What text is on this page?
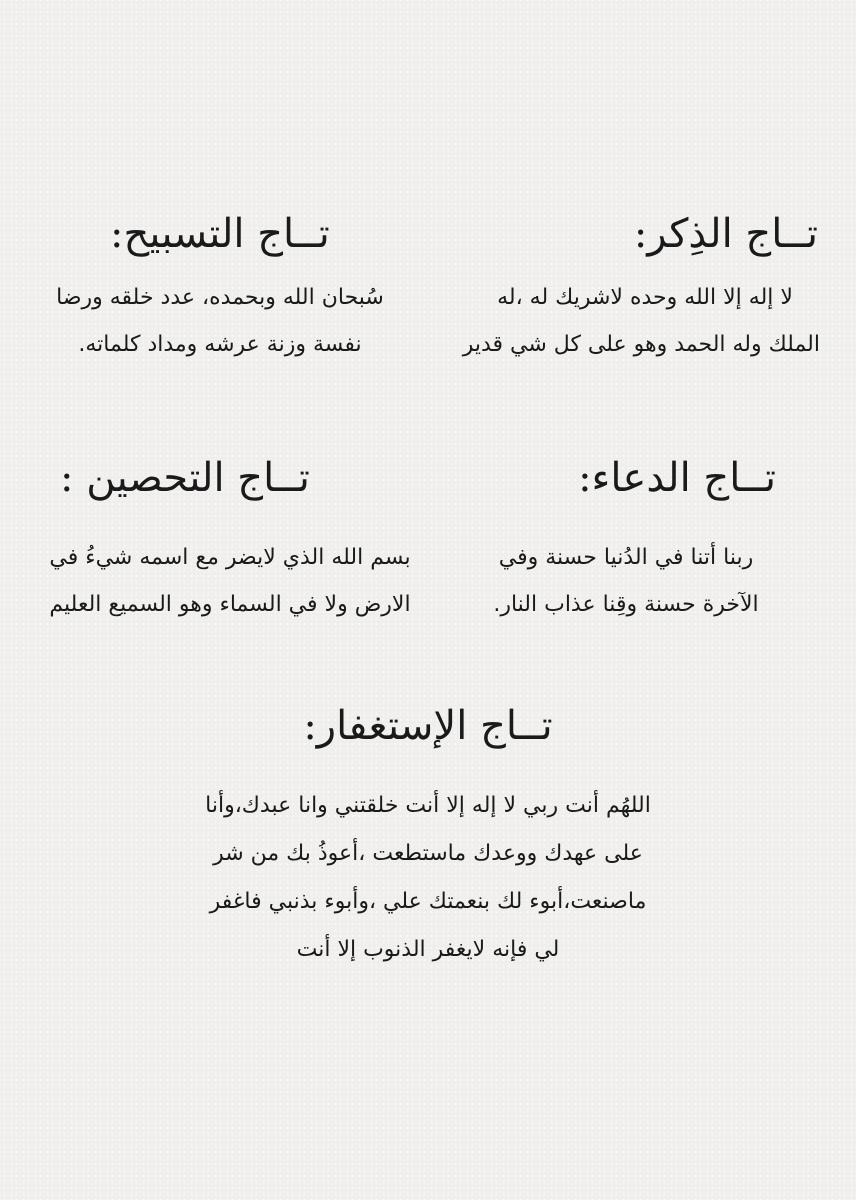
تــاج الذِكر:

لا إله إلا الله وحده لاشريك له ،له
الملك وله الحمد وهو على كل شي قدير

تــاج التسبيح:

سُبحان الله وبحمده، عدد خلقه ورضا
نفسة وزنة عرشه ومداد كلماته.

تــاج الدعاء:

ربنا أتنا في الدُنيا حسنة وفي
الآخرة حسنة وقِنا عذاب النار.

تــاج التحصين :

بسم الله الذي لايضر مع اسمه شيءُ في
الارض ولا في السماء وهو السميع العليم

تــاج الإستغفار:

اللهُم أنت ربي لا إله إلا أنت خلقتني وانا عبدك،وأنا
على عهدك ووعدك ماستطعت ،أعوذُ بك من شر
ماصنعت،أبوء لك بنعمتك علي ،وأبوء بذنبي فاغفر
لي فإنه لايغفر الذنوب إلا أنت
